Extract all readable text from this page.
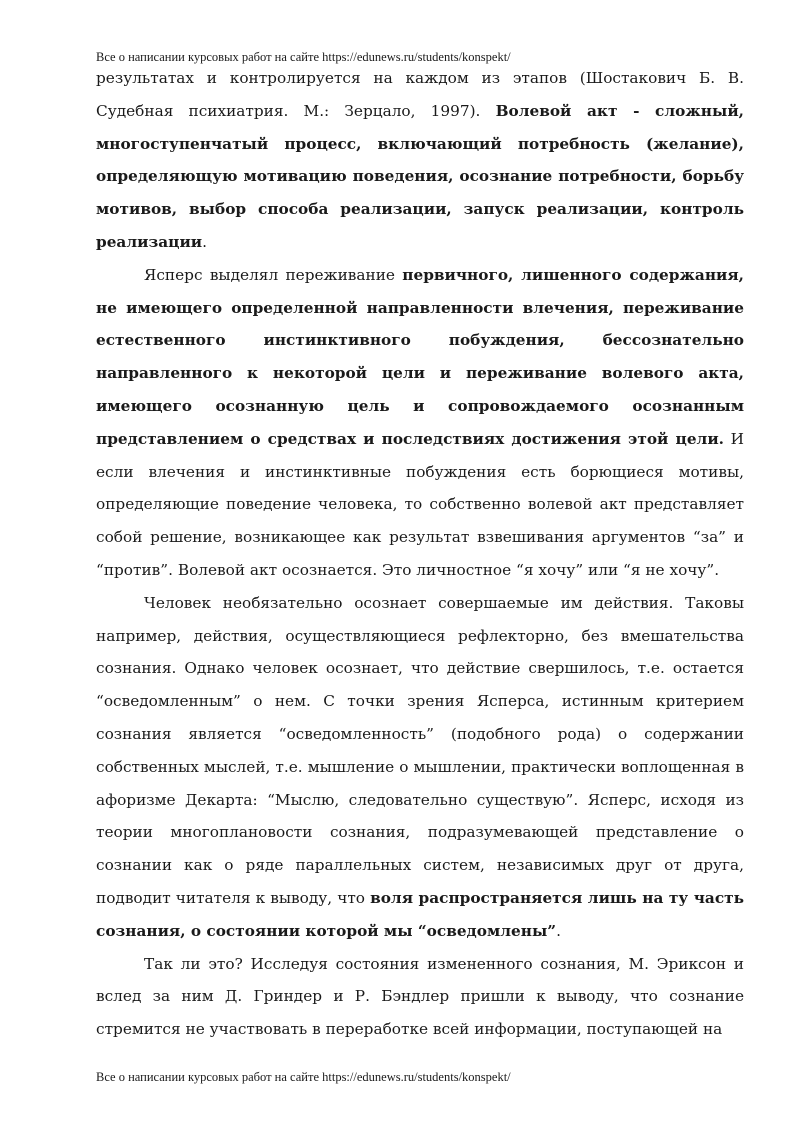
Все о написании курсовых работ на сайте https://edunews.ru/students/konspekt/

результатах и контролируется на каждом из этапов (Шостакович Б. В. Судебная психиатрия. М.: Зерцало, 1997). Волевой акт - сложный, многоступенчатый процесс, включающий потребность (желание), определяющую мотивацию поведения, осознание потребности, борьбу мотивов, выбор способа реализации, запуск реализации, контроль реализации.

Ясперс выделял переживание первичного, лишенного содержания, не имеющего определенной направленности влечения, переживание естественного инстинктивного побуждения, бессознательно направленного к некоторой цели и переживание волевого акта, имеющего осознанную цель и сопровождаемого осознанным представлением о средствах и последствиях достижения этой цели. И если влечения и инстинктивные побуждения есть борющиеся мотивы, определяющие поведение человека, то собственно волевой акт представляет собой решение, возникающее как результат взвешивания аргументов “за” и “против”. Волевой акт осознается. Это личностное “я хочу” или “я не хочу”.

Человек необязательно осознает совершаемые им действия. Таковы например, действия, осуществляющиеся рефлекторно, без вмешательства сознания. Однако человек осознает, что действие свершилось, т.е. остается “осведомленным” о нем. С точки зрения Ясперса, истинным критерием сознания является “осведомленность” (подобного рода) о содержании собственных мыслей, т.е. мышление о мышлении, практически воплощенная в афоризме Декарта: “Мыслю, следовательно существую”. Ясперс, исходя из теории многоплановости сознания, подразумевающей представление о сознании как о ряде параллельных систем, независимых друг от друга, подводит читателя к выводу, что воля распространяется лишь на ту часть сознания, о состоянии которой мы “осведомлены”.

Так ли это? Исследуя состояния измененного сознания, М. Эриксон и вслед за ним Д. Гриндер и Р. Бэндлер пришли к выводу, что сознание стремится не участвовать в переработке всей информации, поступающей на

Все о написании курсовых работ на сайте https://edunews.ru/students/konspekt/
